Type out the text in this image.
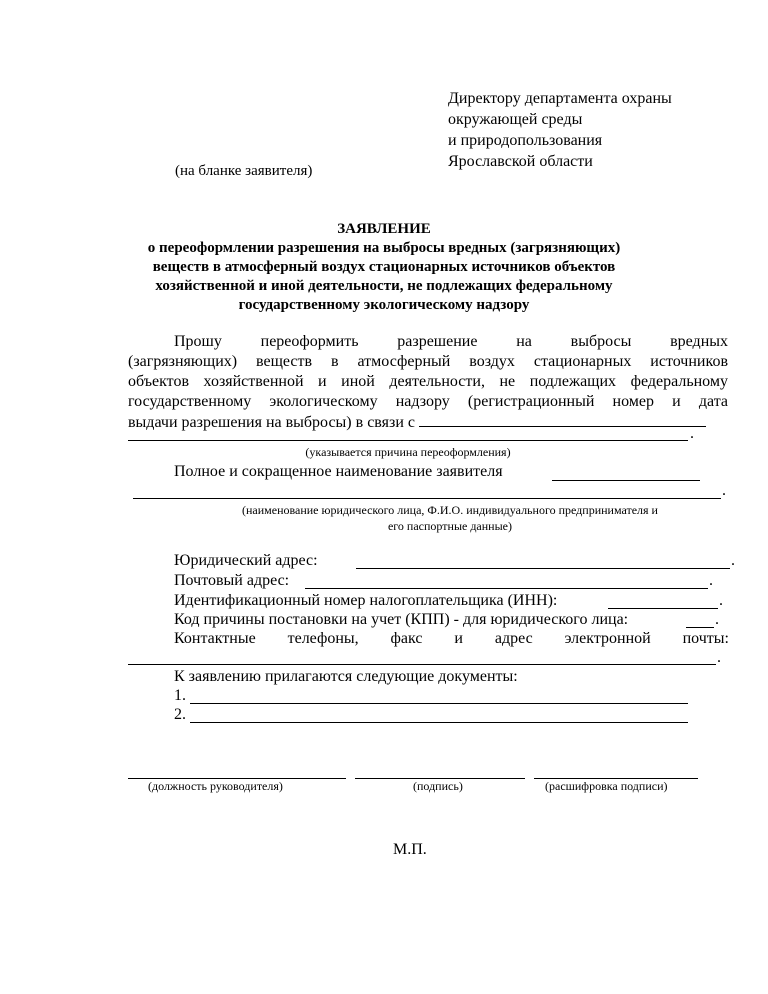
Директору департамента охраны
окружающей среды
и природопользования
Ярославской области
(на бланке заявителя)
ЗАЯВЛЕНИЕ
о переоформлении разрешения на выбросы вредных (загрязняющих)
веществ в атмосферный воздух стационарных источников объектов
хозяйственной и иной деятельности, не подлежащих федеральному
государственному экологическому надзору
Прошу переоформить разрешение на выбросы вредных
(загрязняющих) веществ в атмосферный воздух стационарных источников
объектов хозяйственной и иной деятельности, не подлежащих федеральному
государственному экологическому надзору (регистрационный номер и дата
выдачи разрешения на выбросы) в связи с
.
(указывается причина переоформления)
Полное и сокращенное наименование заявителя
.
(наименование юридического лица, Ф.И.О. индивидуального предпринимателя и
его паспортные данные)
Юридический адрес:	.
Почтовый адрес:	.
Идентификационный номер налогоплательщика (ИНН):	.
Код причины постановки на учет (КПП) - для юридического лица:	.
Контактные телефоны, факс и адрес электронной почты:
.
К заявлению прилагаются следующие документы:
1.
2.
(должность руководителя)	(подпись)	(расшифровка подписи)
М.П.
